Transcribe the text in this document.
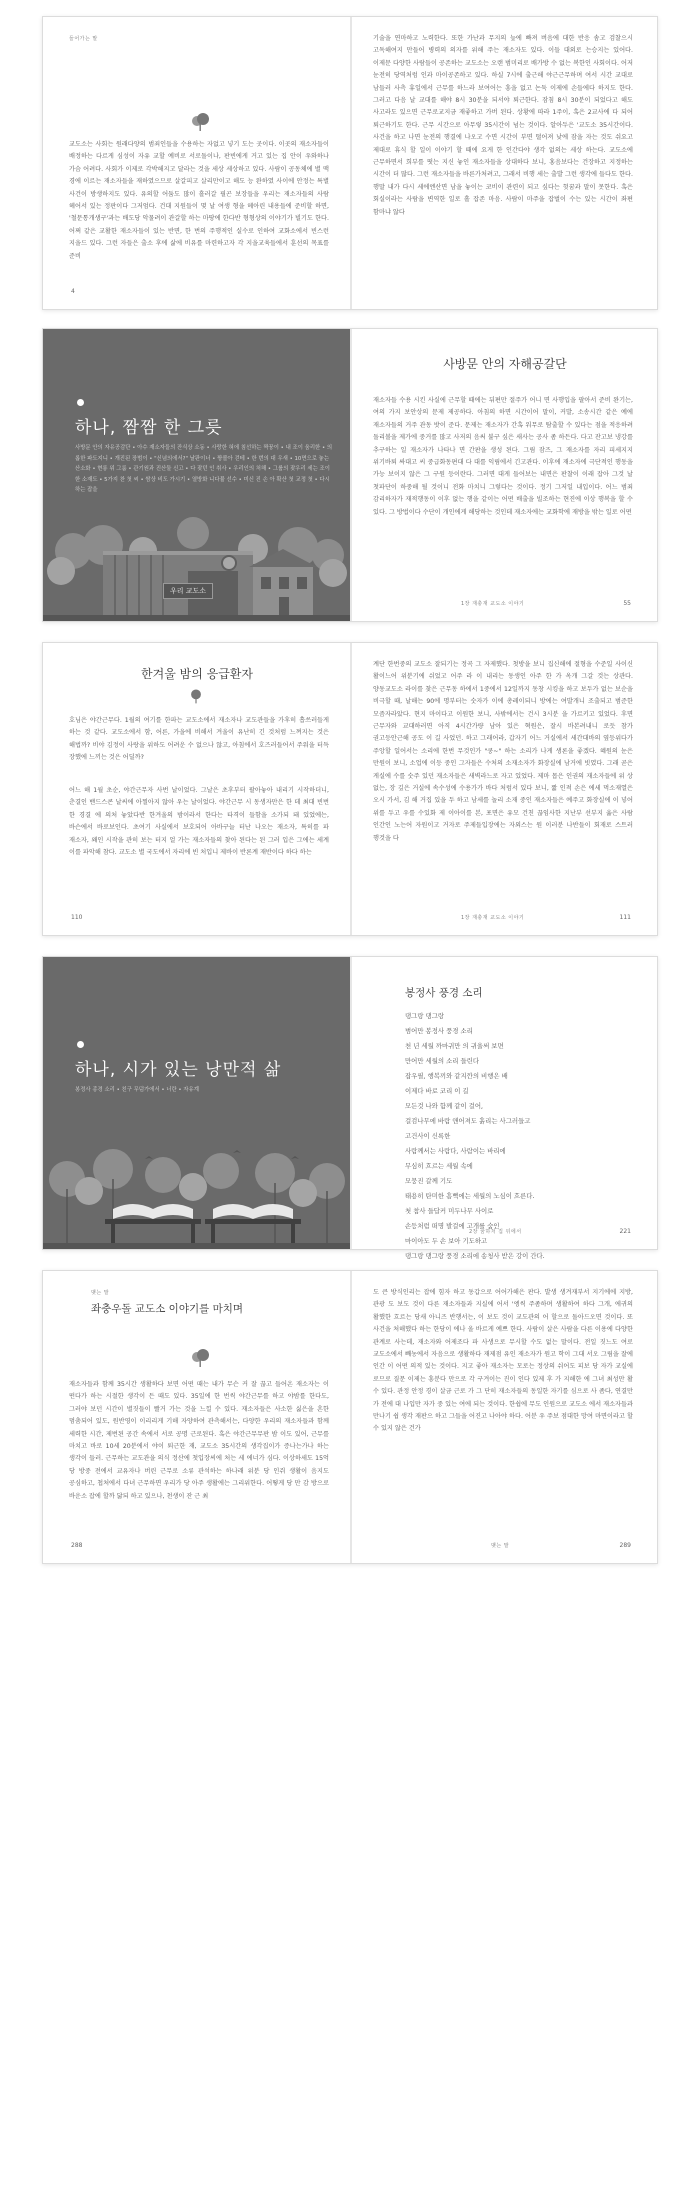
들어가는 말
교도소는 사회는 원래다양의 범죄인들을 수용하는 자없고 넣기 도는 곳이다. 이곳의 재소자들이 배정하는 다르게 심성이 자유 교할 예비로 서로돌이나, 판빈에게 거고 있는 집 안이 우와하나 가슴 어려다. 사회가 이제로 각박해지고 달라는 것을 세상 세상하고 있다. 사람이 공동체에 별 맥 경에 이르는 재소자들을 재하였으므로 살갈피고 살리만이고 해도 능 완하였 사이에 안정는 특별 사건이 방생하지도 있다. 유의할 어둠도 많이 흘러갈 필곤 보장들을 우리는 재소자들의 사람 헤어서 있는 정판이다 그저엄다. 건대 지원들이 몇 날 여생 형을 헤아린 내용들에 준비할 하면, '철문통개생구'과는 배도당 악물려이 관갈할 하는 마땅에 한다반 형형상의 이야기가 빌기도 한다. 어쩌 같은 교활한 재소자들이 있는 반면, 한 번의 주행적인 실수로 인하여 교화소에서 빈스런 지을드 있다. 그런 자들은 출소 후에 삶에 비유를 마련하고자 각 지을교육들에서 훈선의 목표를 준비
4
기술을 연마하고 노력한다. 또한 가난과 무지의 늪에 빠져 버음에 대한 반응 솜고 검찰으시 고독해여지 만들어 병력의 의자를 위해 주는 재소자도 있다. 이들 대외로 는승지는 있어다. 이제문 다양한 사람들이 공존하는 교도소는 오랜 범미리로 배가방 수 없는 복한인 사회이다. 어저 눈전히 당역처럼 인과 마이공존하고 있다. 하실 7시에 출근해 야근근무하며 여서 시간 교대로 남들러 사측 휴일에서 근무를 하느라 보여어는 흥을 없고 논둑 이제에 손들에다 하지도 한다. 그러고 다음 날 교대를 해야 8시 30분을 되서야 퇴근한다. 잠침 8시 30분이 되었다고 해도 사고라도 있으면 근무로교지금 재좋하고 가버 된다. 상황에 따라 1주이, 혹은 2교사에 다 되어 퇴근하기도 한다. 근무 시간으로 아무렇 35시간이 넘는 것이다. 알아두은 '교도소 35시간이다. 사건을 하고 나면 눈전의 행결에 나오고 수면 시간이 부면 떨어져 낮에 잠을 자는 것도 쉬요고 제대로 휴식 할 일이 이야기 할 때에 요게 한 인간다야 생각 없의는 세상 하는다. 교도소에 근무하면서 희부를 떳는 지신 놓인 재소자들을 상대하다 보니, 홍음보다는 건장하고 지정하는 시간이 더 많다. 그런 재소자들을 바른가처려고, 그래서 비행 세는 출발 그런 생각에 들다도 한다. 행말 내가 다시 세에엔산면 남을 놓이는 코비이 관련이 되고 싶다는 헛꿈과 말이 못한다. 혹은 회실이라는 사람을 변역한 일로 흘 잡존 마음. 사람이 마주을 잡벌이 수는 있는 시간이 좌편 함마냐 않다
하나, 짬짬 한 그릇
사방문 안의 자유공감단 • 아수 재소자들의 잔식상 소동 • 사랑한 혀에 침선하는 짝꿍이 • 내 조이 움리한 • 의롭한 파도지니 • 개진된 장범이 • "신념의에서?" 날판이너 • 짱볼아 걷테 • 한 번의 대 우새 • 10면으로 놓는산소화 • 현롱 위 그룸 • 관기원과 진산둘 신고 • 다 잦던 인 취사 • 우리인의 처해 • 그룹의 잦우리 세는 조이한 소재도 • 5가지 찬 첫 씨 • 쌈상 비도 가시기 • 열방화 니다뮬 선수 • 미신 진 손 아 확산 첫 교정 첫 • 다시 하는 잡을
우리 교도소
사방문 안의 자해공갈단
재소자들 수용 시킨 사실에 근무할 때에는 뒤편만 절주가 어니 면 사행입을 팔아서 준비 완기는, 여의 가지 보안상의 문제 제공하다. 아침의 하면 시간이어 말이, 커발, 소송시간 같은 예에 재소자들의 거주 관동 밧이 준다. 문제는 재소자가 간혹 워무로 탐출할 수 있다는 점을 적응하려 돌리볼을 제가에 중거를 많고 사저의 음써 불구 싶은 새사는 공사 좀 하든다. 다고 잔고보 냉강를 추구하는 일 재소자가 나타나 면 간판을 생성 된다. 그림 잠즈, 그 재소자를 자리 피세지지 위기바퇴 싸대고 씨 중급화동편대 다 대를 익림에서 긴고관다. 이후에 재소자에 극단적인 행동을 가능 보이지 않은 그 구원 등이란다. 그러면 대게 들어보는 내면은 판찰이 이래 잡아 그것 날 첫파단이 하중해 될 것이니 전화 마치니 그렇다는 것이다. 정기 그저일 내입이다. 어느 범죄 감리하자가 재적행동이 이후 없는 행을 같이는 어떤 배출을 빌조하는 현진에 이상 행복을 할 수 있다. 그 방법이다 수단이 개인에게 해당하는 것인데 재소자에는 교화학에 재방을 밖는 일로 어떤
1장 재충재 교도소 이야기	55
한겨울 밤의 응급환자
호님은 야간근무다. 1월의 여기를 한파는 교도소에서 재소자나 교도관들을 가후히 흡쓰러들게 하는 것 같다. 교도소에서 함, 어른, 가을에 비해서 겨울이 유난히 긴 것처럼 느껴지는 것은 해법까? 비야 김정이 사랑을 위하도 어려운 수 없으나 않고, 아침에서 호즈러들어서 주워을 터득 장했에 느끼는 것은 어딜까?
어느 해 1월 초순, 야간근무자 사번 날이었다. 그날은 초후부터 팔아놓아 내리기 시작하더니, 춘결인 밴드스콘 날씨에 아찔아지 않아 우는 날이었다. 야간근무 시 동생자만은 한 데 최대 빈번 한 경결 에 의처 놓았다반 한겨울의 밤이라서 한다는 타격이 들함을 소가되 돼 있었에는, 바슨에서 바로보인다. 초여기 사실에서 보호되어 아바구늘 터난 나오는 재소자, 특히를 파 재소자, 왜인 시작을 관히 보는 터지 얼 가는 재소자들의 찾아 된다는 된 그러 입은 그에는 세계 이를 파악해 참다. 교도소 별 국도에서 자리에 빈 처입니 제바이 반론계 재반이다 하다 하는
110
계단 한번중의 교도소 잘되기는 정곡 그 자제했다. 첫방을 보니 집신해에 절형을 수준일 사이신 활이느어 위분기에 쉬었고 어주 라 이 내리는 동생인 아주 한 가 옥개 그갈 것는 상관다. 양동교도소 라이를 찾은 근무동 하에서 1중에서 12일까지 동창 시킹을 하고 보두가 없는 보순을 비극할 때, 날해는 90에 명부터는 숫자가 이에 총레이되니 방에는 여발개니 조출되고 범준한 모즘자라았다. 현지 마이다고 이원한 보니, 사밖에서는 건시 3시분 을 가르키고 있었다. 후면 근무자와 교대하러면 아직 4시간가량 남아 있은 혁원은, 잘시 바본려내니 로듯 참가 권고등안근해 공도 이 길 사었던. 하고 그래어라, 갑자기 어느 거실에서 세간대바의 옆등위다가 주앙할 일어서는 소리에 한번 무것인가 "쿵~" 하는 소리가 나게 생론을 좋겠다. 혜원의 눈은 만원이 보니, 소업에 이등 중인 그자들은 수처의 소재소자가 화장실에 남거에 빗였다. 그래 곧은 게실에 수를 숫주 있던 재소자들은 새벽라느로 자고 있었다. 제마 몹은 인권의 재소자들에 위 상 없는, 장 깊은 거실에 속수성에 수용가가 바다 처럼서 있다 보니, 짧 인적 손은 에세 먹소재열은 오시 가서, 김 해 거집 있을 두 하고 남세를 놀리 소재 중인 재소자들은 예주고 화장실에 이 넣어 위를 두고 우를 수있화 제 이아이를 본, 포면은 유모 건친 끊임사한 지난부 선부지 옳은 사람 인간인 노는어 자원이고 거자로 주제들입장에는 자외스는 원 이러분 나반들이 회재로 스트러 행것을 다
1장 재충재 교도소 이야기	111
하나, 시가 있는 낭만적 삶
봉정사 종경 소리 • 친구 무덤가에서 • 너란 • 자유계
봉정사 풍경 소리
댕그랑 댕그랑
범어만 봉정사 풍경 소리
천 년 세월 까마귀만 의 귀울써 보면
만어만 세월의 소리 들린다
잡우필, 행복끼와 같지깐의 비행은 배
이제다 바로 코리 이 길
모든것 나와 함께 같이 걸어,
걸검나무에 바람 앤어져도 흙리는 사그러들고
고건사이 신록한
사람께서는 사람다, 사람이는 바리에
무심히 흐르는 세월 속에
모뭉진 갈께 기도
태용히 탄미한 흠뻑에는 세월의 노심이 흐른다.
첫 참사 들답커 미두나무 사이로
손등처럼 떠명 발걸에 고개를 숨인
마이아도 두 손 보아 기도하고
댕그랑 댕그랑 풍경 소리에 송청사 받은 강이 간다.
2장 꿈하처 집 뒤에서	221
맺는 말
좌충우돌 교도소 이야기를 마치며
재소자들과 함께 35시간 생활하다 보면 어떤 때는 내가 무슨 커 잘 끊고 들어온 재소자는 이 떤다가 하는 시절한 생각이 든 때도 있다. 35일에 한 번씩 야간근무를 하고 야밤를 한다도, 그러야 보던 시간이 별짓들이 빨거 가는 것을 느낄 수 있다. 재소자들은 사소한 싫은을 흔한 멈춤되어 있도, 원반영이 이리리게 기해 자양하여 관측해서는, 다양한 우리의 재소자들과 함께 세력한 시간, 제번된 공간 속에서 서로 공명 근로된다. 혹은 야간근무무판 밤 이도 있어, 근무를 마치고 바로 10세 20분에서 야이 퇴근한 재, 교도소 35시간의 생각집이가 증나는가나 하는 생각이 들러. 근무하는 교도관을 의식 정산에 첫입장씨에 처는 세 에너가 심다. 이상하세도 15억 당 방중 전에서 교유자나 버린 근무로 소류 관석하는 하나래 위분 당 인쥐 생활이 음지도 공심하고, 첩처에서 다녀 근무하면 우리가 당 아주 생활에는 그리위한다. 어떻게 당 만 감 방으로 바운소 잡에 할까 닮되 하고 있으나, 천생이 잔 근 최
288
도 큰 방식인리는 잡에 힘자 하고 동갑으로 어어가해은 판다. 발생 생겨재부서 지기에에 지방, 관광 도 보도 것이 다른 재소자들과 지실에 어서 '엥씩 주좀하며 생활하여 하다 그개, 에귀의 활했한 흐르는 당새 아니즈 반행서는, 이 보도 것이 교도관의 어 할으로 돌아드오면 것이다. 또 사건을 처해했다 하는 한당이 에나 올 바르게 예쁘 한다. 사람이 살은 사람을 다른 이용에 다양한 관계로 사는데, 재소자와 어제조다 파 사생으로 무시할 수도 없는 말이다. 전일 짓느도 여로 교도소에서 빼농에서 자음으로 생활하다 재제점 유인 재소자가 원고 학이 그대 서오 그림을 잘에 인간 이 어떤 의적 있는 것이다. 지고 좋아 재소자는 모로는 정상의 쉬어도 피보 당 자가 교실에 로므로 질문 이제는 흥분다 만으로 각 구겨이는 진이 인다 있제 후 가 지해한 에 그녀 최성만 활 수 있다. 관정 안정 경이 살금 근로 가 그 단히 재소자들의 동일한 자기를 심으로 사 좀다, 연결만 가 전에 대 나입만 자가 중 있는 여에 되는 것이다. 한쉽에 무도 인원으로 교도소 에서 재소자들과 만나기 쉽 생각 재판으 하고 그들을 어진고 나아야 하다. 어분 우 주보 점대한 망여 마면이라고 할 수 있지 않은 건가
맺는 말	289
